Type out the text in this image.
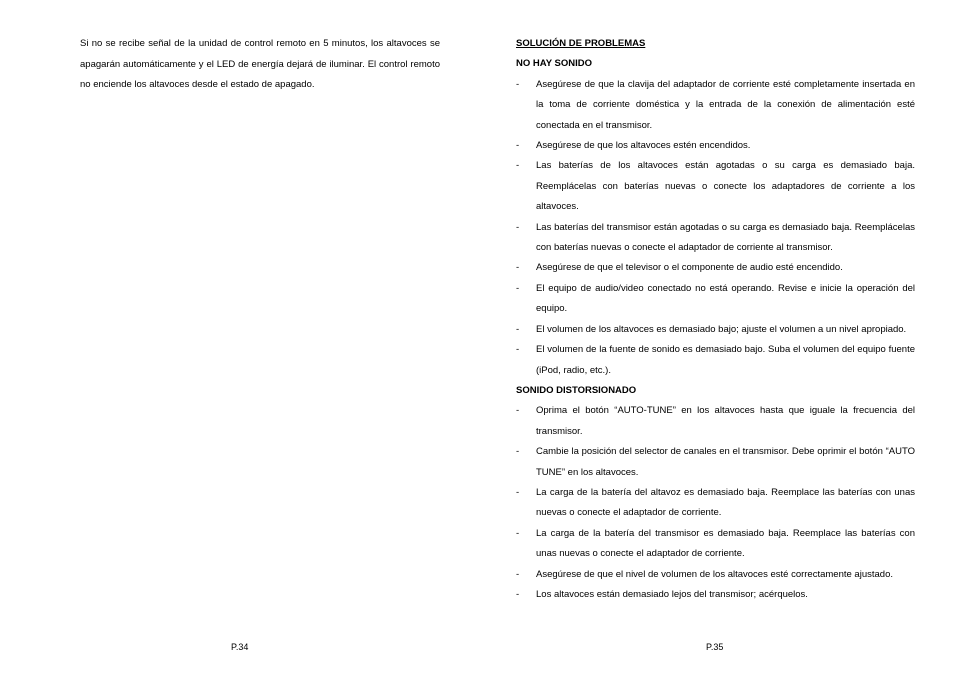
Si no se recibe señal de la unidad de control remoto en 5 minutos, los altavoces se apagarán automáticamente y el LED de energía dejará de iluminar. El control remoto no enciende los altavoces desde el estado de apagado.
P.34
SOLUCIÓN DE PROBLEMAS
NO HAY SONIDO
-	Asegúrese de que la clavija del adaptador de corriente esté completamente insertada en la toma de corriente doméstica y la entrada de la conexión de alimentación esté conectada en el transmisor.
-	Asegúrese de que los altavoces estén encendidos.
-	Las baterías de los altavoces están agotadas o su carga es demasiado baja. Reemplácelas con baterías nuevas o conecte los adaptadores de corriente a los altavoces.
-	Las baterías del transmisor están agotadas o su carga es demasiado baja. Reemplácelas con baterías nuevas o conecte el adaptador de corriente al transmisor.
-	Asegúrese de que el televisor o el componente de audio esté encendido.
-	El equipo de audio/video conectado no está operando. Revise e inicie la operación del equipo.
-	El volumen de los altavoces es demasiado bajo; ajuste el volumen a un nivel apropiado.
-	El volumen de la fuente de sonido es demasiado bajo. Suba el volumen del equipo fuente (iPod, radio, etc.).
SONIDO DISTORSIONADO
-	Oprima el botón “AUTO-TUNE” en los altavoces hasta que iguale la frecuencia del transmisor.
-	Cambie la posición del selector de canales en el transmisor. Debe oprimir el botón “AUTO TUNE” en los altavoces.
-	La carga de la batería del altavoz es demasiado baja. Reemplace las baterías con unas nuevas o conecte el adaptador de corriente.
-	La carga de la batería del transmisor es demasiado baja. Reemplace las baterías con unas nuevas o conecte el adaptador de corriente.
-	Asegúrese de que el nivel de volumen de los altavoces esté correctamente ajustado.
-	Los altavoces están demasiado lejos del transmisor; acérquelos.
P.35
